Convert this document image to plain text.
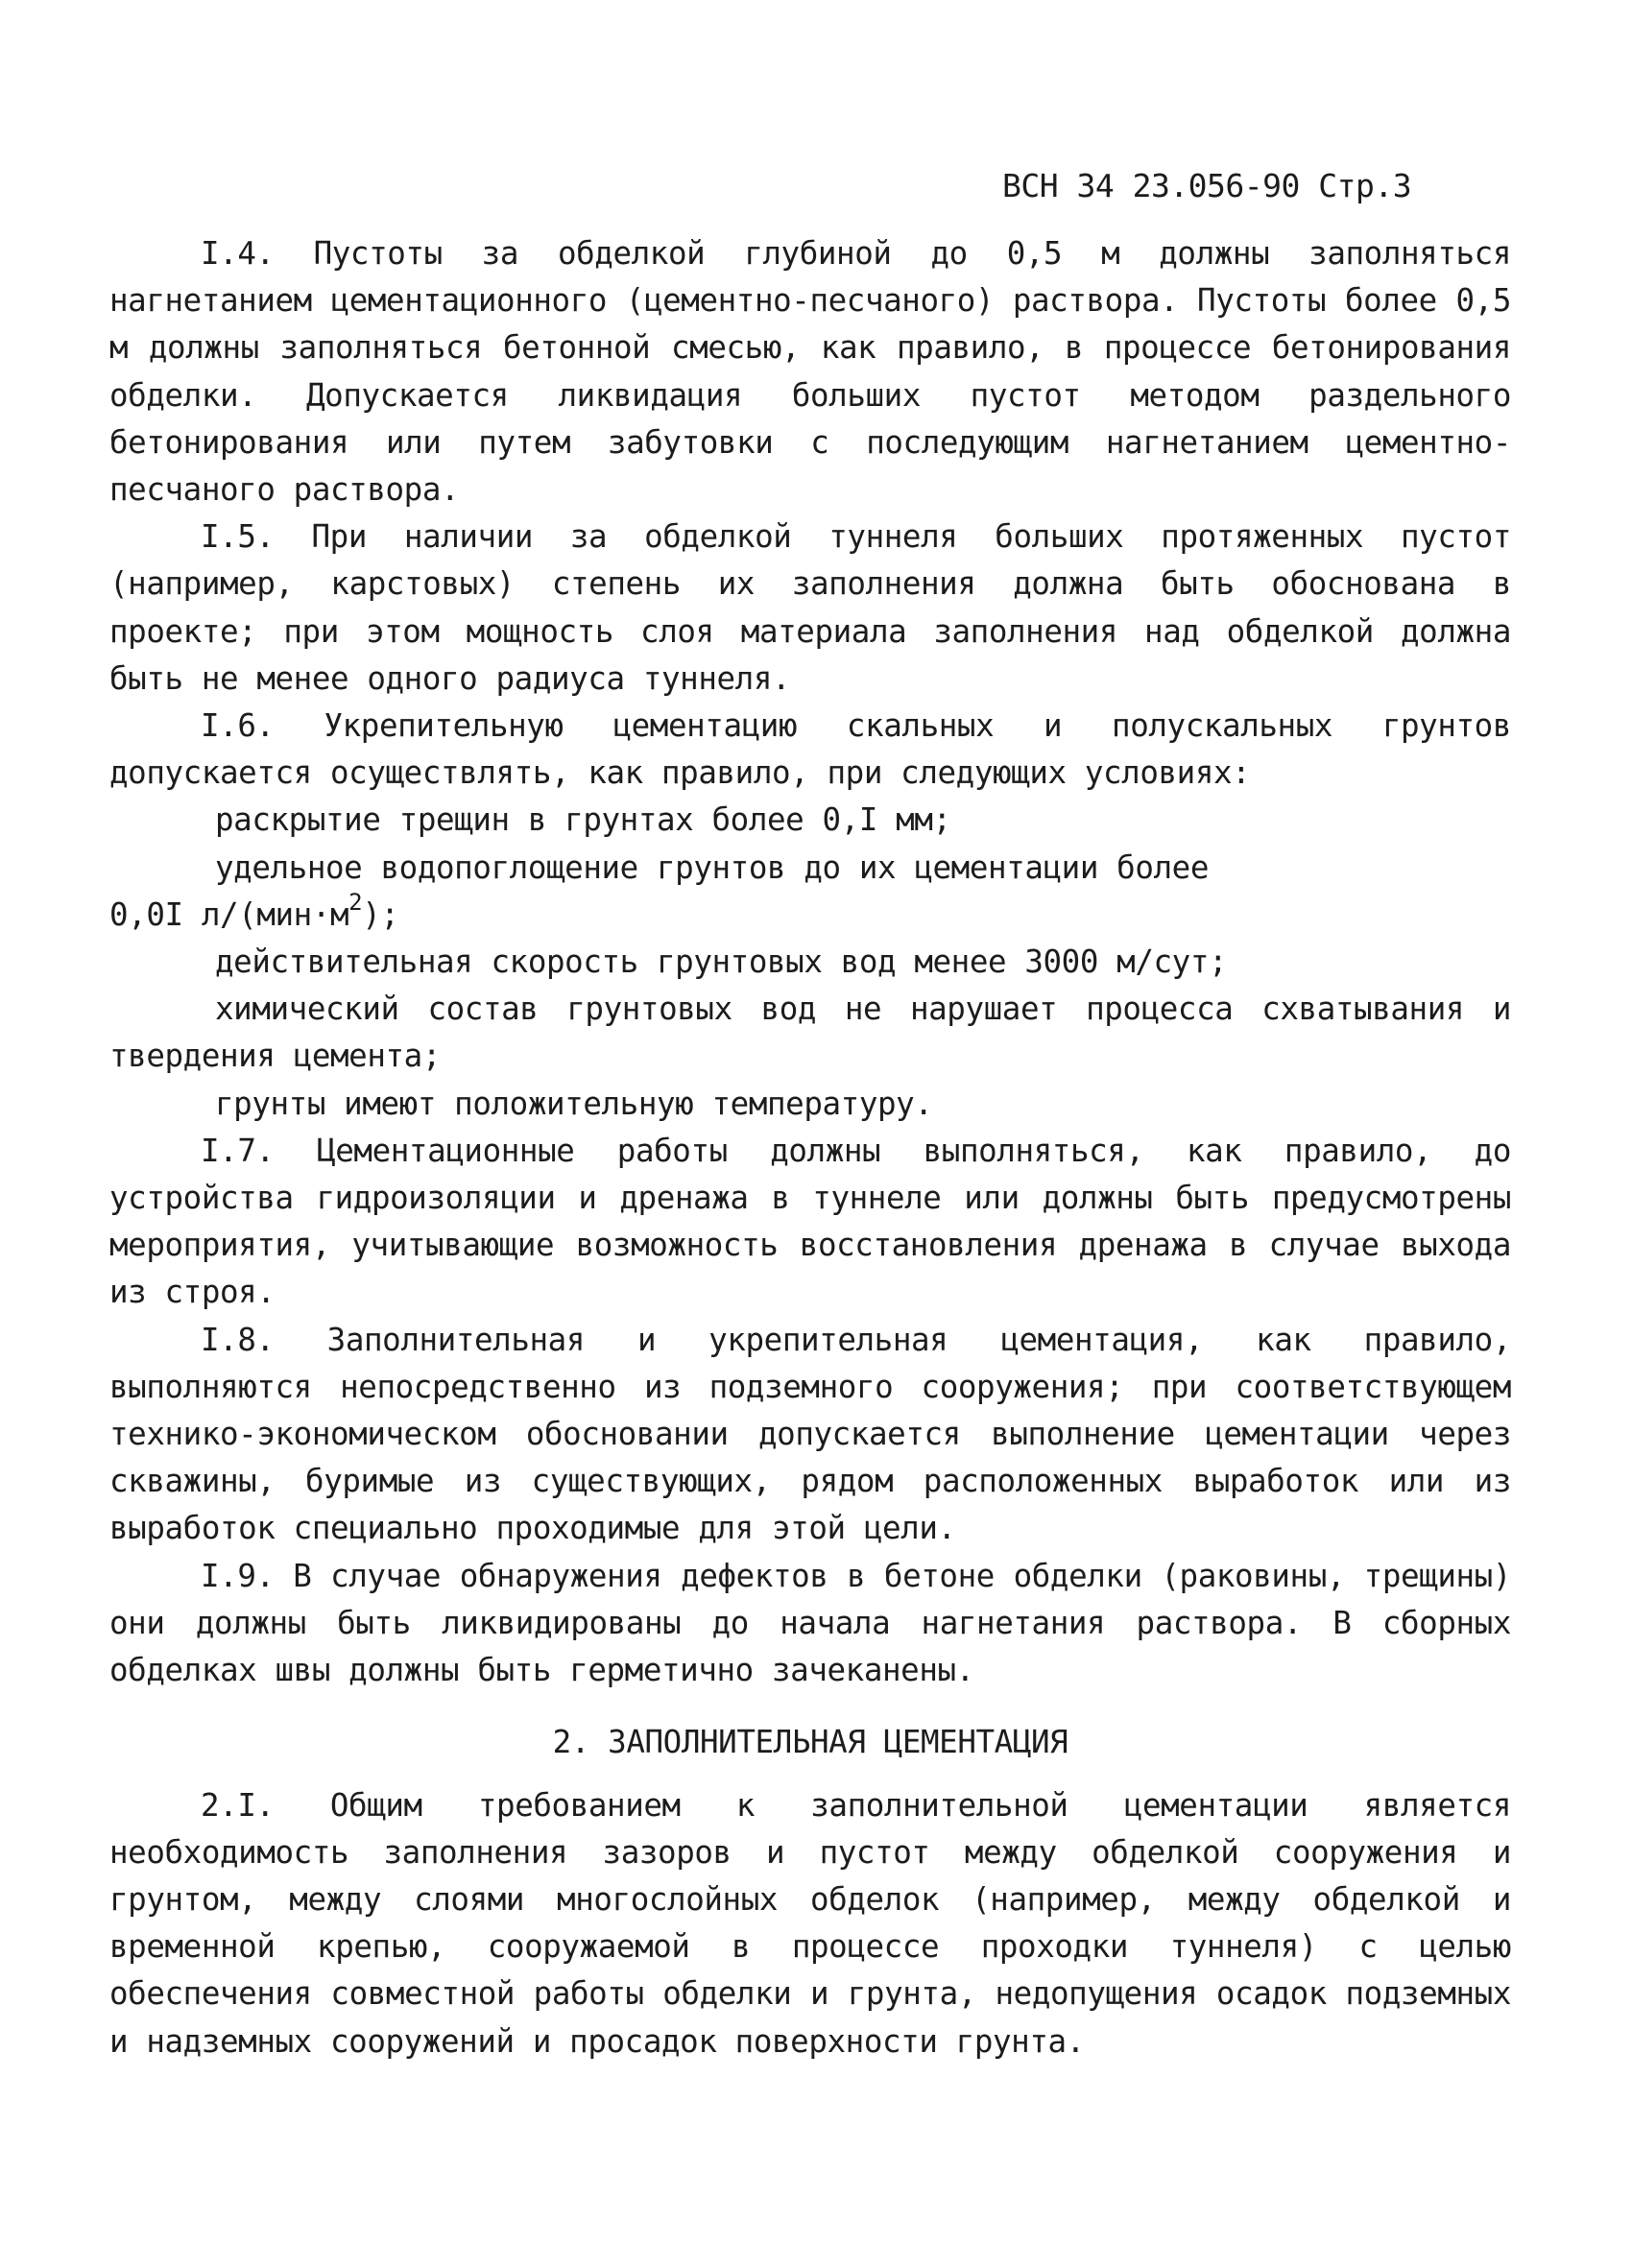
ВСН 34 23.056-90 Стр.3

I.4. Пустоты за обделкой глубиной до 0,5 м должны заполняться нагнетанием цементационного (цементно-песчаного) раствора. Пустоты более 0,5 м должны заполняться бетонной смесью, как правило, в процессе бетонирования обделки. Допускается ликвидация больших пустот методом раздельного бетонирования или путем забутовки с последующим нагнетанием цементно-песчаного раствора.

I.5. При наличии за обделкой туннеля больших протяженных пустот (например, карстовых) степень их заполнения должна быть обоснована в проекте; при этом мощность слоя материала заполнения над обделкой должна быть не менее одного радиуса туннеля.

I.6. Укрепительную цементацию скальных и полускальных грунтов допускается осуществлять, как правило, при следующих условиях:

раскрытие трещин в грунтах более 0,I мм;

удельное водопоглощение грунтов до их цементации более

0,0I $л/(мин\cdot м^2)$;

действительная скорость грунтовых вод менее 3000 м/сут;

химический состав грунтовых вод не нарушает процесса схватывания и твердения цемента;

грунты имеют положительную температуру.

I.7. Цементационные работы должны выполняться, как правило, до устройства гидроизоляции и дренажа в туннеле или должны быть предусмотрены мероприятия, учитывающие возможность восстановления дренажа в случае выхода из строя.

I.8. Заполнительная и укрепительная цементация, как правило, выполняются непосредственно из подземного сооружения; при соответствующем технико-экономическом обосновании допускается выполнение цементации через скважины, буримые из существующих, рядом расположенных выработок или из выработок специально проходимые для этой цели.

I.9. В случае обнаружения дефектов в бетоне обделки (раковины, трещины) они должны быть ликвидированы до начала нагнетания раствора. В сборных обделках швы должны быть герметично зачеканены.

2. ЗАПОЛНИТЕЛЬНАЯ ЦЕМЕНТАЦИЯ

2.I. Общим требованием к заполнительной цементации является необходимость заполнения зазоров и пустот между обделкой сооружения и грунтом, между слоями многослойных обделок (например, между обделкой и временной крепью, сооружаемой в процессе проходки туннеля) с целью обеспечения совместной работы обделки и грунта, недопущения осадок подземных и надземных сооружений и просадок поверхности грунта.
